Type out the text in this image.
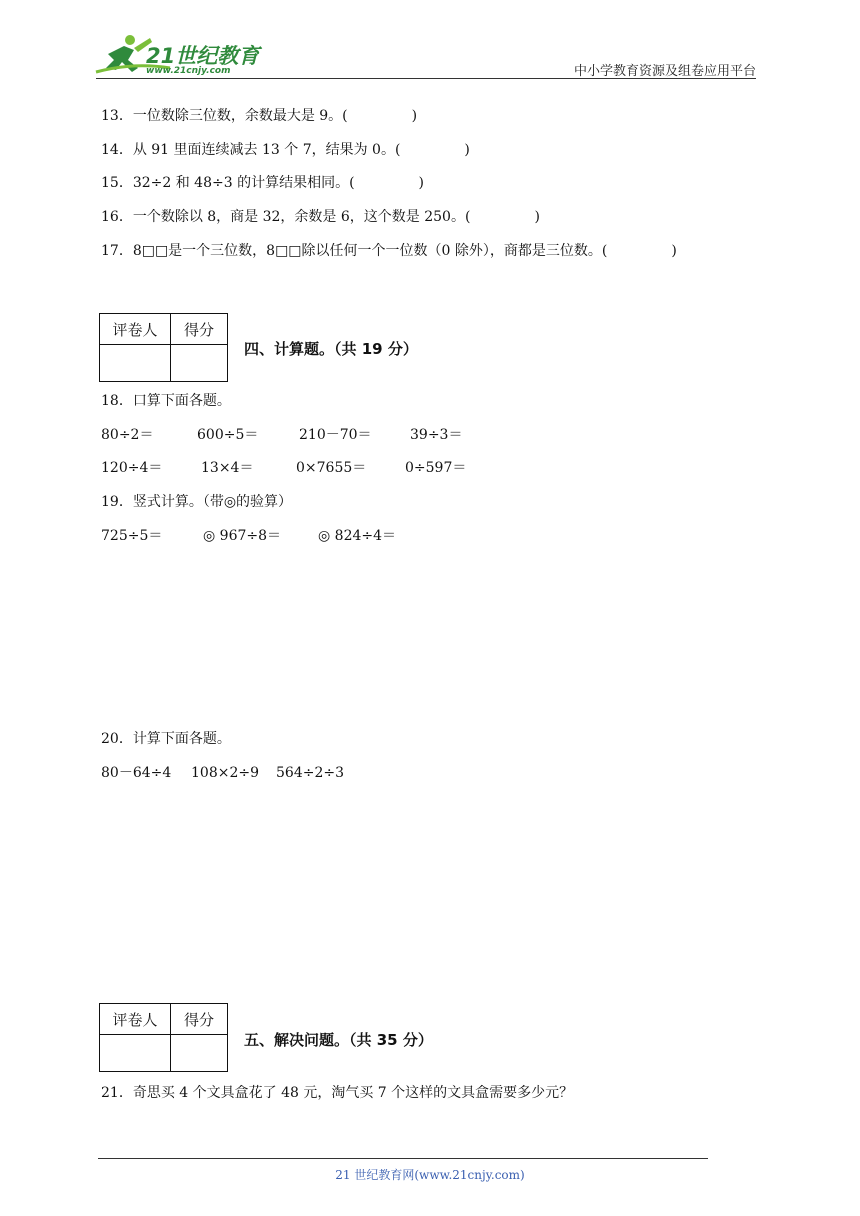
21世纪教育
www.21cnjy.com	中小学教育资源及组卷应用平台
13．一位数除三位数，余数最大是 9。(	)
14．从 91 里面连续减去 13 个 7，结果为 0。(	)
15．32÷2 和 48÷3 的计算结果相同。(	)
16．一个数除以 8，商是 32，余数是 6，这个数是 250。(	)
17．8□□是一个三位数，8□□除以任何一个一位数（0 除外），商都是三位数。(	)
评卷人	得分

四、计算题。（共 19 分）
18．口算下面各题。
80÷2＝	600÷5＝	210－70＝	39÷3＝
120÷4＝	13×4＝	0×7655＝	0÷597＝
19．竖式计算。（带◎的验算）
725÷5＝	◎ 967÷8＝	◎ 824÷4＝
20．计算下面各题。
80－64÷4 108×2÷9 564÷2÷3
评卷人	得分

五、解决问题。（共 35 分）
21．奇思买 4 个文具盒花了 48 元，淘气买 7 个这样的文具盒需要多少元？
21 世纪教育网(www.21cnjy.com)
